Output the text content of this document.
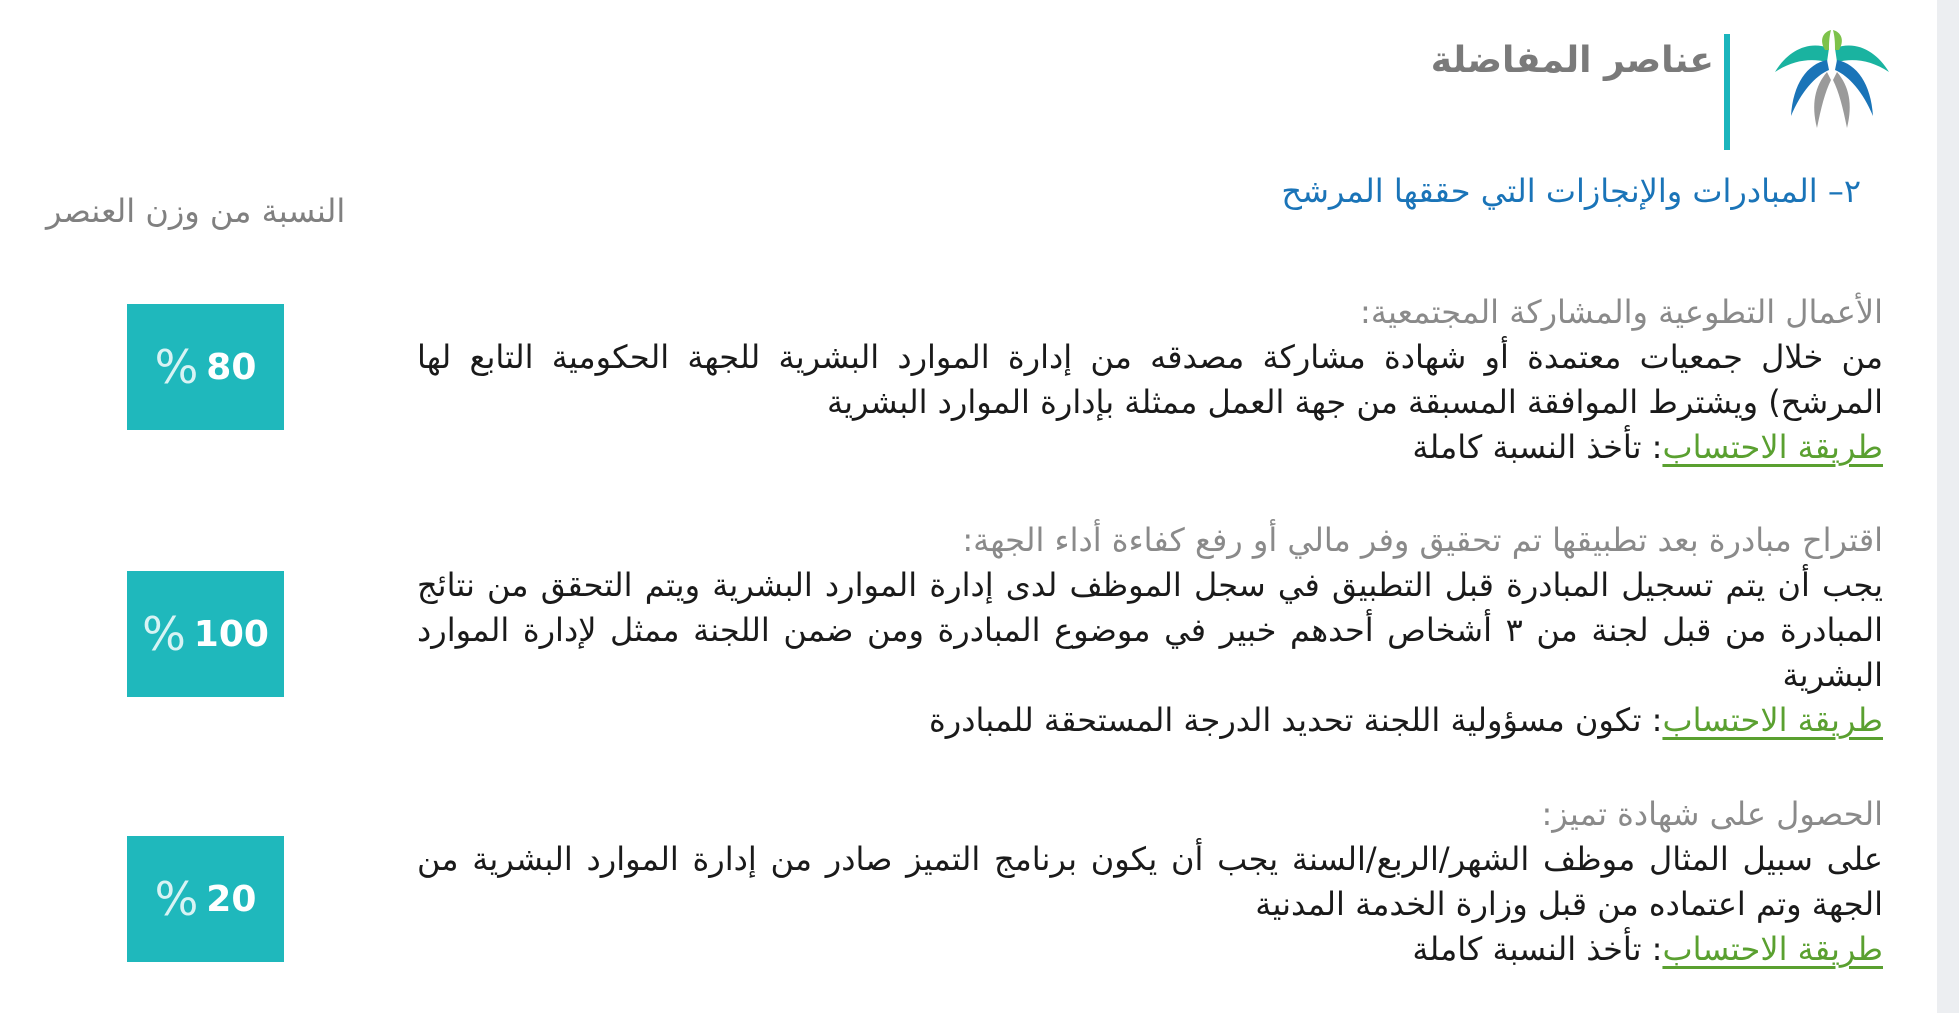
عناصر المفاضلة
٢– المبادرات والإنجازات التي حققها المرشح
النسبة من وزن العنصر
الأعمال التطوعية والمشاركة المجتمعية:
من خلال جمعيات معتمدة أو شهادة مشاركة مصدقه من إدارة الموارد البشرية للجهة الحكومية التابع لها المرشح) ويشترط الموافقة المسبقة من جهة العمل ممثلة بإدارة الموارد البشرية
طريقة الاحتساب: تأخذ النسبة كاملة
% 80
اقتراح مبادرة بعد تطبيقها تم تحقيق وفر مالي أو رفع كفاءة أداء الجهة:
يجب أن يتم تسجيل المبادرة قبل التطبيق في سجل الموظف لدى إدارة الموارد البشرية ويتم التحقق من نتائج المبادرة من قبل لجنة من ٣ أشخاص أحدهم خبير في موضوع المبادرة ومن ضمن اللجنة ممثل لإدارة الموارد البشرية
طريقة الاحتساب: تكون مسؤولية اللجنة تحديد الدرجة المستحقة للمبادرة
% 100
الحصول على شهادة تميز:
على سبيل المثال موظف الشهر/الربع/السنة يجب أن يكون برنامج التميز صادر من إدارة الموارد البشرية من الجهة وتم اعتماده من قبل وزارة الخدمة المدنية
طريقة الاحتساب: تأخذ النسبة كاملة
% 20
